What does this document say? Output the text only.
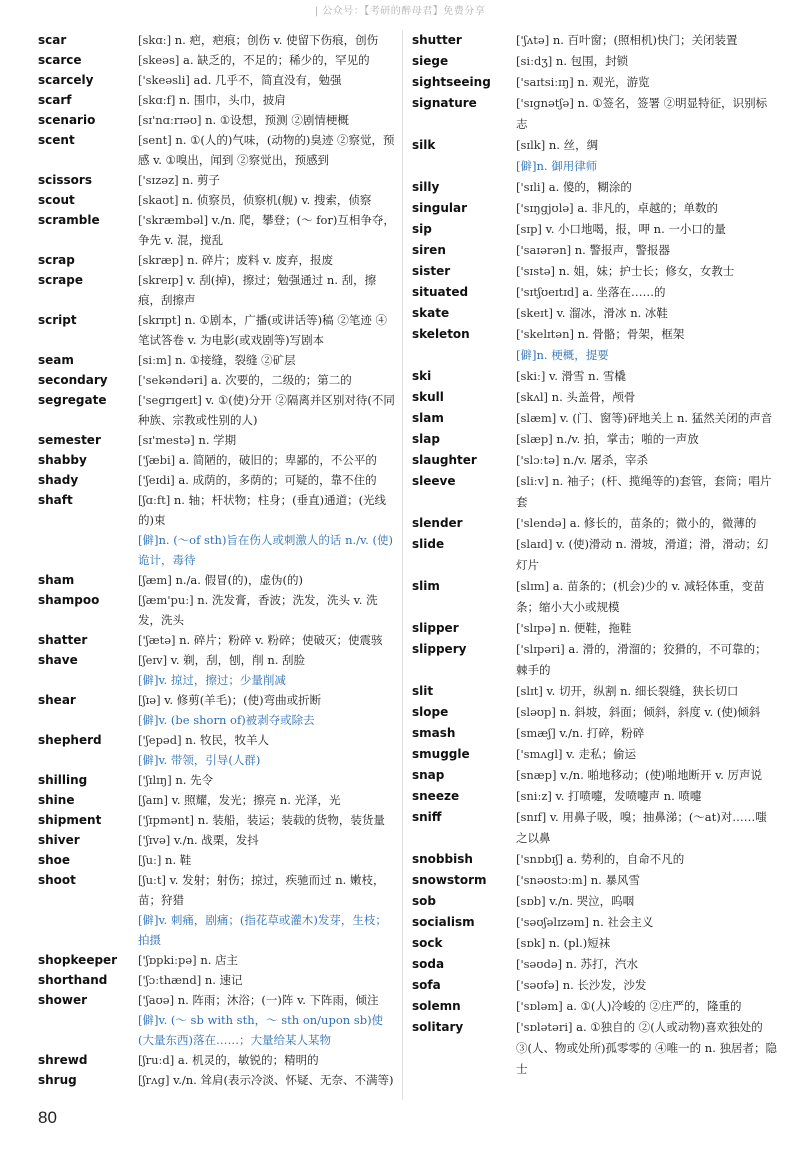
| 公众号：【考研的醉母君】免费分享
scar	[skɑː] n. 疤，疤痕；创伤 v. 使留下伤痕，创伤
scarce	[skeəs] a. 缺乏的，不足的；稀少的，罕见的
scarcely	['skeəsli] ad. 几乎不，简直没有，勉强
scarf	[skɑːf] n. 围巾，头巾，披肩
scenario	[sɪ'nɑːrɪəʊ] n. ①设想，预测 ②剧情梗概
scent	[sent] n. ①(人的)气味，(动物的)臭迹 ②察觉，预感 v. ①嗅出，闻到 ②察觉出，预感到
scissors	['sɪzəz] n. 剪子
scout	[skaʊt] n. 侦察员，侦察机(舰) v. 搜索，侦察
scramble	['skræmbəl] v./n. 爬，攀登；(～ for)互相争夺，争先 v. 混，搅乱
scrap	[skræp] n. 碎片；废料 v. 废弃，报废
scrape	[skreɪp] v. 刮(掉)，擦过；勉强通过 n. 刮，擦痕，刮擦声
script	[skrɪpt] n. ①剧本，广播(或讲话等)稿 ②笔迹 ④笔试答卷 v. 为电影(或戏剧等)写剧本
seam	[siːm] n. ①接缝，裂缝 ②矿层
secondary	['sekəndəri] a. 次要的，二级的；第二的
segregate	['segrɪgeɪt] v. ①(使)分开 ②隔离并区别对待(不同种族、宗教或性别的人)
semester	[sɪ'mestə] n. 学期
shabby	['ʃæbi] a. 简陋的，破旧的；卑鄙的，不公平的
shady	['ʃeɪdi] a. 成荫的，多荫的；可疑的，靠不住的
shaft	[ʃɑːft] n. 轴；杆状物；柱身；(垂直)通道；(光线的)束
[僻]n. (～of sth)旨在伤人或刺激人的话 n./v. (使)诡计，毒待
sham	[ʃæm] n./a. 假冒(的)，虚伪(的)
shampoo	[ʃæm'puː] n. 洗发膏，香波；洗发，洗头 v. 洗发，洗头
shatter	['ʃætə] n. 碎片；粉碎 v. 粉碎；使破灭；使震骇
shave	[ʃeɪv] v. 剃，刮，刨，削 n. 刮脸
[僻]v. 掠过，擦过；少量削减
shear	[ʃɪə] v. 修剪(羊毛)；(使)弯曲或折断
[僻]v. (be shorn of)被剥夺或除去
shepherd	['ʃepəd] n. 牧民，牧羊人
[僻]v. 带领，引导(人群)
shilling	['ʃɪlɪŋ] n. 先令
shine	[ʃaɪn] v. 照耀，发光；擦亮 n. 光泽，光
shipment	['ʃɪpmənt] n. 装船，装运；装载的货物，装货量
shiver	['ʃɪvə] v./n. 战栗，发抖
shoe	[ʃuː] n. 鞋
shoot	[ʃuːt] v. 发射；射伤；掠过，疾驰而过 n. 嫩枝，苗；狩猎
[僻]v. 刺痛，剧痛；(指花草或灌木)发芽，生枝；拍摄
shopkeeper	['ʃɒpkiːpə] n. 店主
shorthand	['ʃɔːthænd] n. 速记
shower	['ʃaʊə] n. 阵雨；沐浴；(一)阵 v. 下阵雨，倾注
[僻]v. (～ sb with sth，～ sth on/upon sb)使(大量东西)落在……；大量给某人某物
shrewd	[ʃruːd] a. 机灵的，敏锐的；精明的
shrug	[ʃrʌg] v./n. 耸肩(表示冷淡、怀疑、无奈、不满等)
shutter	['ʃʌtə] n. 百叶窗；(照相机)快门；关闭装置
siege	[siːdʒ] n. 包围，封锁
sightseeing	['saɪtsiːɪŋ] n. 观光，游览
signature	['sɪgnətʃə] n. ①签名，签署 ②明显特征，识别标志
silk	[sɪlk] n. 丝，绸
[僻]n. 御用律师
silly	['sɪli] a. 傻的，糊涂的
singular	['sɪŋgjʊlə] a. 非凡的，卓越的；单数的
sip	[sɪp] v. 小口地喝，报，呷 n. 一小口的量
siren	['saɪərən] n. 警报声，警报器
sister	['sɪstə] n. 姐，妹；护士长；修女，女教士
situated	['sɪtʃʊeɪtɪd] a. 坐落在……的
skate	[skeɪt] v. 溜冰，滑冰 n. 冰鞋
skeleton	['skelɪtən] n. 骨骼；骨架，框架
[僻]n. 梗概，提要
ski	[skiː] v. 滑雪 n. 雪橇
skull	[skʌl] n. 头盖骨，颅骨
slam	[slæm] v. (门、窗等)砰地关上 n. 猛然关闭的声音
slap	[slæp] n./v. 拍，掌击；啪的一声放
slaughter	['slɔːtə] n./v. 屠杀，宰杀
sleeve	[sliːv] n. 袖子；(杆、揽绳等的)套管，套筒；唱片套
slender	['slendə] a. 修长的，苗条的；微小的，微薄的
slide	[slaɪd] v. (使)滑动 n. 滑坡，滑道；滑，滑动；幻灯片
slim	[slɪm] a. 苗条的；(机会)少的 v. 减轻体重，变苗条；缩小大小或规模
slipper	['slɪpə] n. 便鞋，拖鞋
slippery	['slɪpəri] a. 滑的，滑溜的；狡猾的，不可靠的；棘手的
slit	[slɪt] v. 切开，纵割 n. 细长裂缝，狭长切口
slope	[sləʊp] n. 斜坡，斜面；倾斜，斜度 v. (使)倾斜
smash	[smæʃ] v./n. 打碎，粉碎
smuggle	['smʌgl] v. 走私；偷运
snap	[snæp] v./n. 啪地移动；(使)啪地断开 v. 厉声说
sneeze	[sniːz] v. 打喷嚏，发喷嚏声 n. 喷嚏
sniff	[snɪf] v. 用鼻子吸，嗅；抽鼻涕；(～at)对……嗤之以鼻
snobbish	['snɒbɪʃ] a. 势利的，自命不凡的
snowstorm	['snəʊstɔːm] n. 暴风雪
sob	[sɒb] v./n. 哭泣，呜咽
socialism	['səʊʃəlɪzəm] n. 社会主义
sock	[sɒk] n. (pl.)短袜
soda	['səʊdə] n. 苏打，汽水
sofa	['səʊfə] n. 长沙发，沙发
solemn	['sɒləm] a. ①(人)冷峻的 ②庄严的，隆重的
solitary	['sɒlətəri] a. ①独自的 ②(人或动物)喜欢独处的 ③(人、物或处所)孤零零的 ④唯一的 n. 独居者；隐士
80
